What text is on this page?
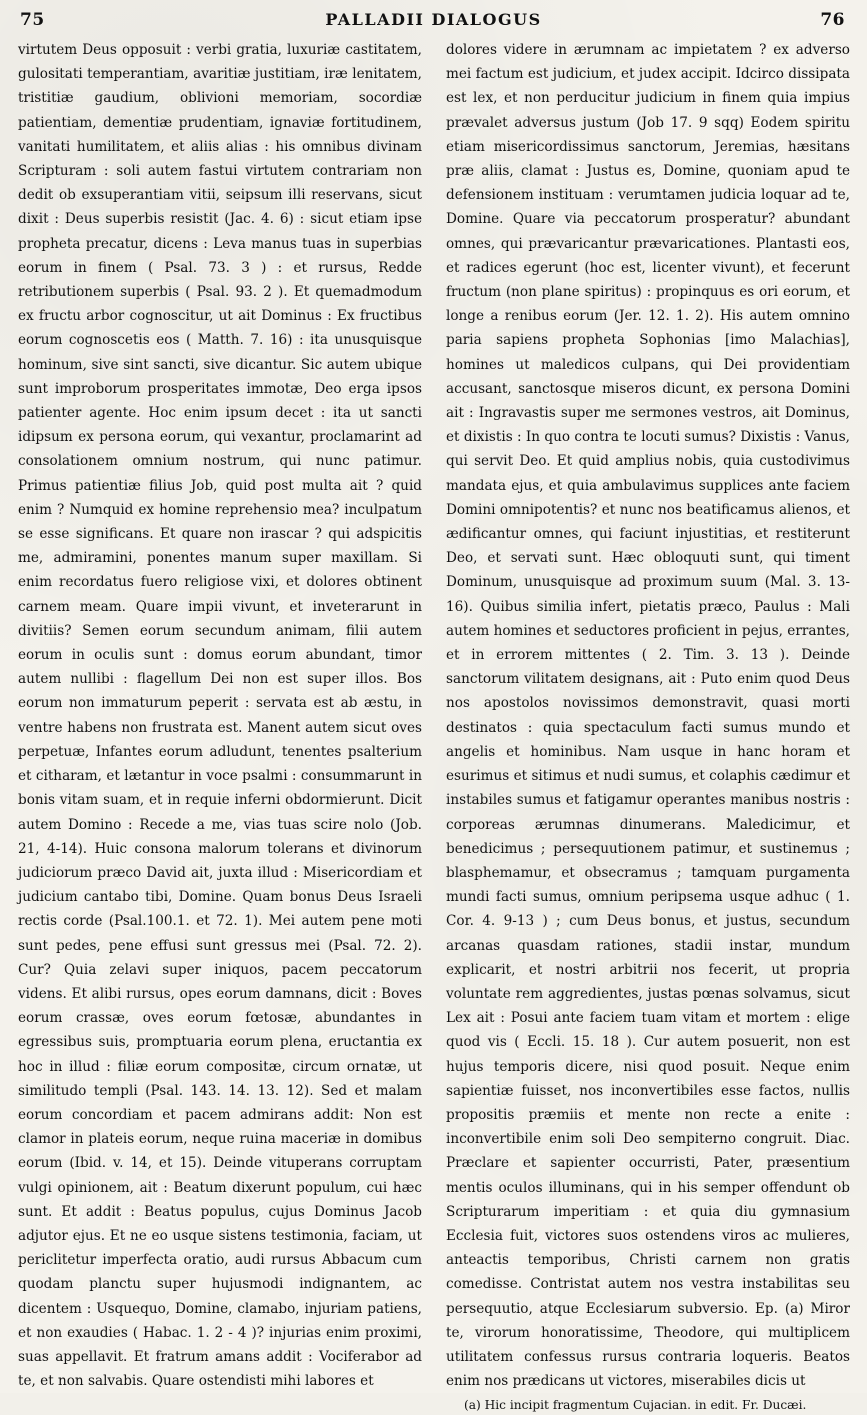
75	PALLADII DIALOGUS	76

virtutem Deus opposuit : verbi gratia, luxuriæ castitatem, gulositati temperantiam, avaritiæ justitiam, iræ lenitatem, tristitiæ gaudium, oblivioni memoriam, socordiæ patientiam, dementiæ prudentiam, ignaviæ fortitudinem, vanitati humilitatem, et aliis alias : his omnibus divinam Scripturam : soli autem fastui virtutem contrariam non dedit ob exsuperantiam vitii, seipsum illi reservans, sicut dixit : Deus superbis resistit (Jac. 4. 6) : sicut etiam ipse propheta precatur, dicens : Leva manus tuas in superbias eorum in finem ( Psal. 73. 3 ) : et rursus, Redde retributionem superbis ( Psal. 93. 2 ). Et quemadmodum ex fructu arbor cognoscitur, ut ait Dominus : Ex fructibus eorum cognoscetis eos ( Matth. 7. 16) : ita unusquisque hominum, sive sint sancti, sive dicantur. Sic autem ubique sunt improborum prosperitates immotæ, Deo erga ipsos patienter agente. Hoc enim ipsum decet : ita ut sancti idipsum ex persona eorum, qui vexantur, proclamarint ad consolationem omnium nostrum, qui nunc patimur. Primus patientiæ filius Job, quid post multa ait ? quid enim ? Numquid ex homine reprehensio mea? inculpatum se esse significans. Et quare non irascar ? qui adspicitis me, admiramini, ponentes manum super maxillam. Si enim recordatus fuero religiose vixi, et dolores obtinent carnem meam. Quare impii vivunt, et inveterarunt in divitiis? Semen eorum secundum animam, filii autem eorum in oculis sunt : domus eorum abundant, timor autem nullibi : flagellum Dei non est super illos. Bos eorum non immaturum peperit : servata est ab æstu, in ventre habens non frustrata est. Manent autem sicut oves perpetuæ, Infantes eorum adludunt, tenentes psalterium et citharam, et lætantur in voce psalmi : consummarunt in bonis vitam suam, et in requie inferni obdormierunt. Dicit autem Domino : Recede a me, vias tuas scire nolo (Job. 21, 4-14). Huic consona malorum tolerans et divinorum judiciorum præco David ait, juxta illud : Misericordiam et judicium cantabo tibi, Domine. Quam bonus Deus Israeli rectis corde (Psal.100.1. et 72. 1). Mei autem pene moti sunt pedes, pene effusi sunt gressus mei (Psal. 72. 2). Cur? Quia zelavi super iniquos, pacem peccatorum videns. Et alibi rursus, opes eorum damnans, dicit : Boves eorum crassæ, oves eorum fœtosæ, abundantes in egressibus suis, promptuaria eorum plena, eructantia ex hoc in illud : filiæ eorum compositæ, circum ornatæ, ut similitudo templi (Psal. 143. 14. 13. 12). Sed et malam eorum concordiam et pacem admirans addit: Non est clamor in plateis eorum, neque ruina maceriæ in domibus eorum (Ibid. v. 14, et 15). Deinde vituperans corruptam vulgi opinionem, ait : Beatum dixerunt populum, cui hæc sunt. Et addit : Beatus populus, cujus Dominus Jacob adjutor ejus. Et ne eo usque sistens testimonia, faciam, ut periclitetur imperfecta oratio, audi rursus Abbacum cum quodam planctu super hujusmodi indignantem, ac dicentem : Usquequo, Domine, clamabo, injuriam patiens, et non exaudies ( Habac. 1. 2 - 4 )? injurias enim proximi, suas appellavit. Et fratrum amans addit : Vociferabor ad te, et non salvabis. Quare ostendisti mihi labores et

dolores videre in ærumnam ac impietatem ? ex adverso mei factum est judicium, et judex accipit. Idcirco dissipata est lex, et non perducitur judicium in finem quia impius prævalet adversus justum (Job 17. 9 sqq) Eodem spiritu etiam misericordissimus sanctorum, Jeremias, hæsitans præ aliis, clamat : Justus es, Domine, quoniam apud te defensionem instituam : verumtamen judicia loquar ad te, Domine. Quare via peccatorum prosperatur? abundant omnes, qui prævaricantur prævaricationes. Plantasti eos, et radices egerunt (hoc est, licenter vivunt), et fecerunt fructum (non plane spiritus) : propinquus es ori eorum, et longe a renibus eorum (Jer. 12. 1. 2). His autem omnino paria sapiens propheta Sophonias [imo Malachias], homines ut maledicos culpans, qui Dei providentiam accusant, sanctosque miseros dicunt, ex persona Domini ait : Ingravastis super me sermones vestros, ait Dominus, et dixistis : In quo contra te locuti sumus? Dixistis : Vanus, qui servit Deo. Et quid amplius nobis, quia custodivimus mandata ejus, et quia ambulavimus supplices ante faciem Domini omnipotentis? et nunc nos beatificamus alienos, et ædificantur omnes, qui faciunt injustitias, et restiterunt Deo, et servati sunt. Hæc obloquuti sunt, qui timent Dominum, unusquisque ad proximum suum (Mal. 3. 13-16). Quibus similia infert, pietatis præco, Paulus : Mali autem homines et seductores proficient in pejus, errantes, et in errorem mittentes ( 2. Tim. 3. 13 ). Deinde sanctorum vilitatem designans, ait : Puto enim quod Deus nos apostolos novissimos demonstravit, quasi morti destinatos : quia spectaculum facti sumus mundo et angelis et hominibus. Nam usque in hanc horam et esurimus et sitimus et nudi sumus, et colaphis cædimur et instabiles sumus et fatigamur operantes manibus nostris : corporeas ærumnas dinumerans. Maledicimur, et benedicimus ; persequutionem patimur, et sustinemus ; blasphemamur, et obsecramus ; tamquam purgamenta mundi facti sumus, omnium peripsema usque adhuc ( 1. Cor. 4. 9-13 ) ; cum Deus bonus, et justus, secundum arcanas quasdam rationes, stadii instar, mundum explicarit, et nostri arbitrii nos fecerit, ut propria voluntate rem aggredientes, justas pœnas solvamus, sicut Lex ait : Posui ante faciem tuam vitam et mortem : elige quod vis ( Eccli. 15. 18 ). Cur autem posuerit, non est hujus temporis dicere, nisi quod posuit. Neque enim sapientiæ fuisset, nos inconvertibiles esse factos, nullis propositis præmiis et mente non recte a enite : inconvertibile enim soli Deo sempiterno congruit. Diac. Præclare et sapienter occurristi, Pater, præsentium mentis oculos illuminans, qui in his semper offendunt ob Scripturarum imperitiam : et quia diu gymnasium Ecclesia fuit, victores suos ostendens viros ac mulieres, anteactis temporibus, Christi carnem non gratis comedisse. Contristat autem nos vestra instabilitas seu persequutio, atque Ecclesiarum subversio. Ep. (a) Miror te, virorum honoratissime, Theodore, qui multiplicem utilitatem confessus rursus contraria loqueris. Beatos enim nos prædicans ut victores, miserabiles dicis ut

(a) Hic incipit fragmentum Cujacian. in edit. Fr. Ducæi.
